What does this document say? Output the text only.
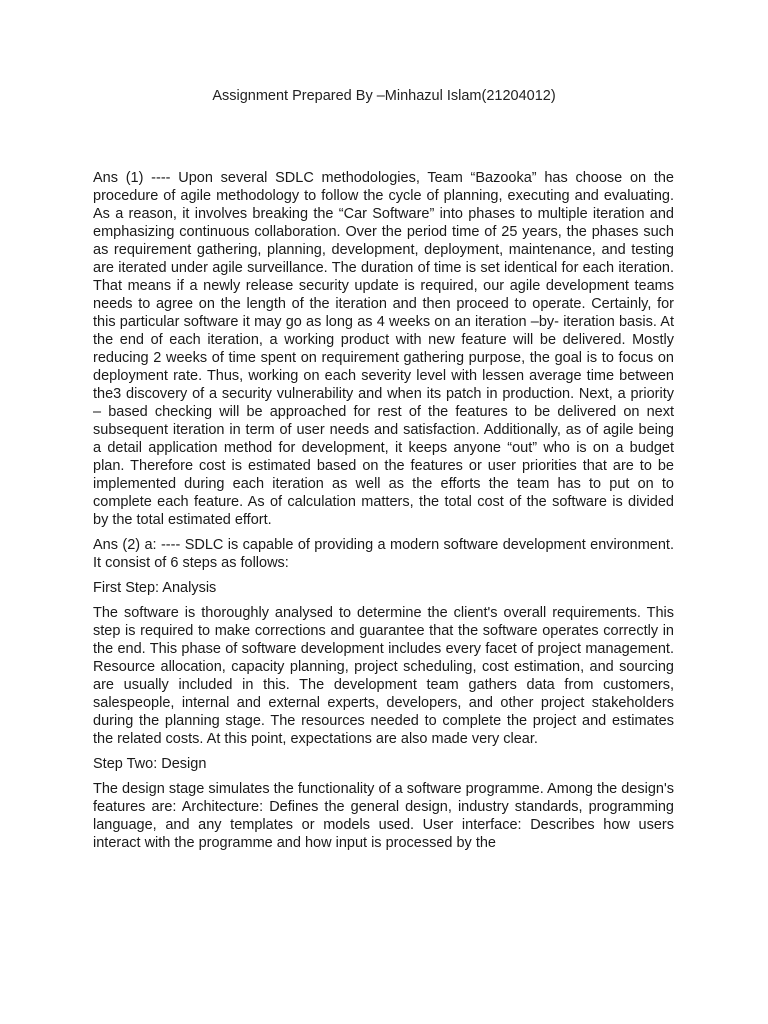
Assignment Prepared By –Minhazul Islam(21204012)

Ans (1) ---- Upon several SDLC methodologies, Team “Bazooka” has choose on the procedure of agile methodology to follow the cycle of planning, executing and evaluating. As a reason, it involves breaking the “Car Software” into phases to multiple iteration and emphasizing continuous collaboration. Over the period time of 25 years, the phases such as requirement gathering, planning, development, deployment, maintenance, and testing are iterated under agile surveillance. The duration of time is set identical for each iteration. That means if a newly release security update is required, our agile development teams needs to agree on the length of the iteration and then proceed to operate. Certainly, for this particular software it may go as long as 4 weeks on an iteration –by- iteration basis. At the end of each iteration, a working product with new feature will be delivered. Mostly reducing 2 weeks of time spent on requirement gathering purpose, the goal is to focus on deployment rate. Thus, working on each severity level with lessen average time between the3 discovery of a security vulnerability and when its patch in production. Next, a priority – based checking will be approached for rest of the features to be delivered on next subsequent iteration in term of user needs and satisfaction. Additionally, as of agile being a detail application method for development, it keeps anyone “out” who is on a budget plan. Therefore cost is estimated based on the features or user priorities that are to be implemented during each iteration as well as the efforts the team has to put on to complete each feature. As of calculation matters, the total cost of the software is divided by the total estimated effort.

Ans (2) a: ---- SDLC is capable of providing a modern software development environment. It consist of 6 steps as follows:

First Step: Analysis

The software is thoroughly analysed to determine the client's overall requirements. This step is required to make corrections and guarantee that the software operates correctly in the end. This phase of software development includes every facet of project management. Resource allocation, capacity planning, project scheduling, cost estimation, and sourcing are usually included in this. The development team gathers data from customers, salespeople, internal and external experts, developers, and other project stakeholders during the planning stage. The resources needed to complete the project and estimates the related costs. At this point, expectations are also made very clear.

Step Two: Design

The design stage simulates the functionality of a software programme. Among the design's features are: Architecture: Defines the general design, industry standards, programming language, and any templates or models used. User interface: Describes how users interact with the programme and how input is processed by the
